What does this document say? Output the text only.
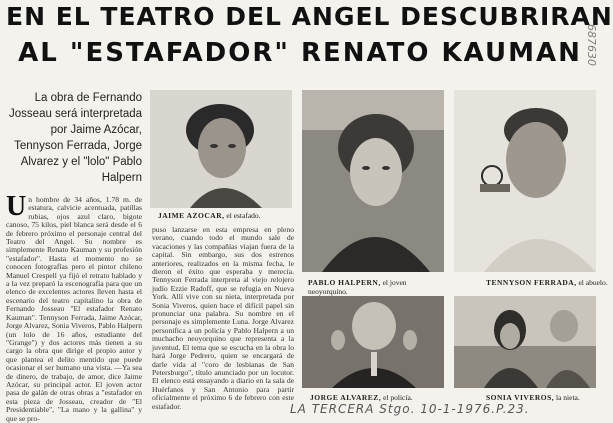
EN EL TEATRO DEL ANGEL DESCUBRIRAN
AL "ESTAFADOR" RENATO KAUMAN 687630
La obra de Fernando Josseau será interpretada por Jaime Azócar, Tennyson Ferrada, Jorge Alvarez y el "lolo" Pablo Halpern
Un hombre de 34 años, 1.78 m. de estatura, calvicie acentuada, patillas rubias, ojos azul claro, bigote canoso, 75 kilos, piel blanca será desde el 6 de febrero próximo el personaje central del Teatro del Angel. Su nombre es simplemente Renato Kauman y su profesión "estafador". Hasta el momento no se conocen fotografías pero el pintor chileno Manuel Crespell ya fijó el retrato hablado y a la vez preparó la escenografía para que un elenco de excelentes actores lleven hasta el escenario del teatro capitalino la obra de Fernando Josseau "El estafador Renato Kauman". Tennyson Ferrada, Jaime Azócar, Jorge Alvarez, Sonia Viveros, Pablo Halpern (un lolo de 16 años, estudiante del "Grange") y dos actores más tienen a su cargo la obra que dirige el propio autor y que plantea el delito mentido que puede ocasionar el ser humano una vista. —Ya sea de dinero, de trabajo, de amor, dice Jaime Azócar, su principal actor. El joven actor pasa de galán de otras obras a "estafador en esta pieza de Josseau, creador de "El Presidentiable", "La mano y la gallina" y que se pro-
puso lanzarse en esta empresa en pleno verano, cuando todo el mundo sale de vacaciones y las compañías viajan fuera de la capital. Sin embargo, sus dos estrenos anteriores, realizados en la misma fecha, le dieron el éxito que esperaba y merecía. Tennyson Ferrada interpreta al viejo relojero judío Ezzie Radoff, que se refugia en Nueva York. Allí vive con su nieta, interpretada por Sonia Viveros, quien hace el difícil papel sin pronunciar una palabra. Su nombre en el personaje es simplemente Luna. Jorge Alvarez personifica a un policía y Pablo Halpern a un muchacho neoyorquino que representa a la juventud. El tema que se escucha en la obra lo hará Jorge Pedrero, quien se encargará de darle vida al "coro de lesbianas de San Petersburgo", título anunciado por un locutor. El elenco está ensayando a diario en la sala de Huérfanos y San Antonio para partir oficialmente el próximo 6 de febrero con este estafador.
JAIME AZOCAR, el estafado.
PABLO HALPERN, el joven neoyorquino.
TENNYSON FERRADA, el abuelo.
JORGE ALVAREZ, el policía.	SONIA VIVEROS, la nieta.
LA TERCERA Stgo. 10-1-1976.P.23.
